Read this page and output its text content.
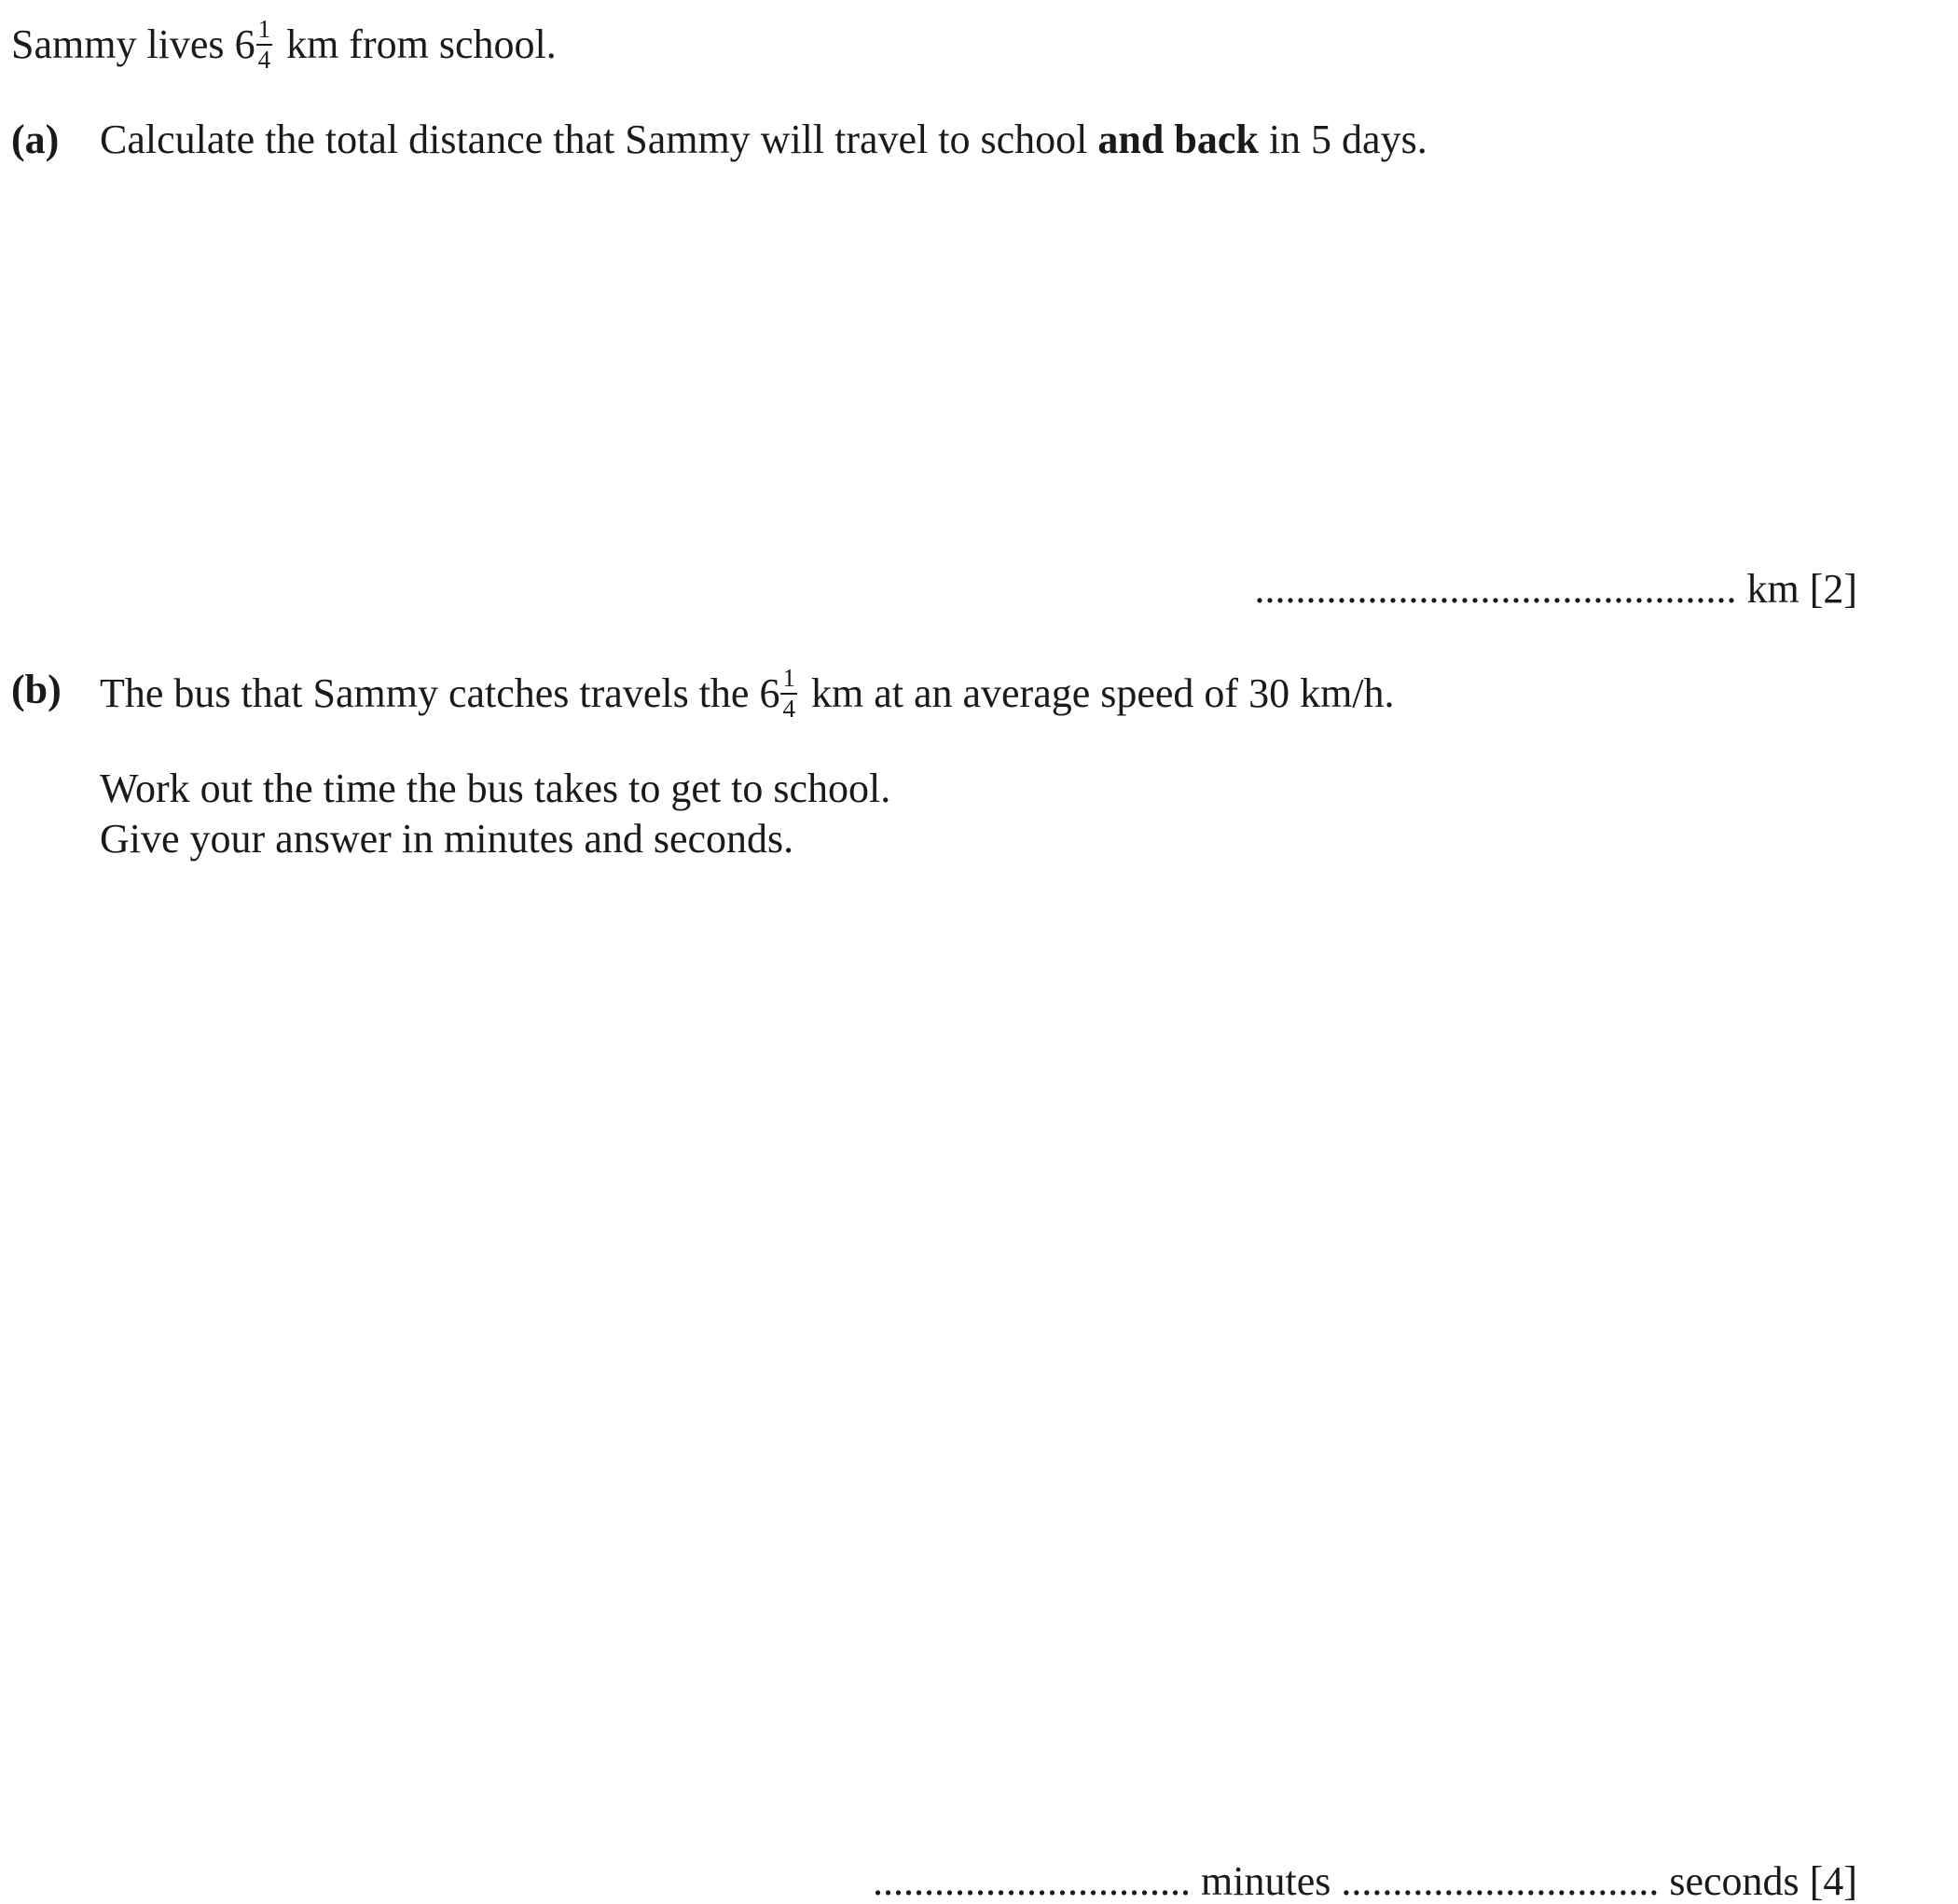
Sammy lives $6 \frac{1}{4}$ km from school.
(a) Calculate the total distance that Sammy will travel to school and back in 5 days.
............................................... km [2]
(b) The bus that Sammy catches travels the $6 \frac{1}{4}$ km at an average speed of 30 km/h.
Work out the time the bus takes to get to school.
Give your answer in minutes and seconds.
............................... minutes ............................... seconds [4]
